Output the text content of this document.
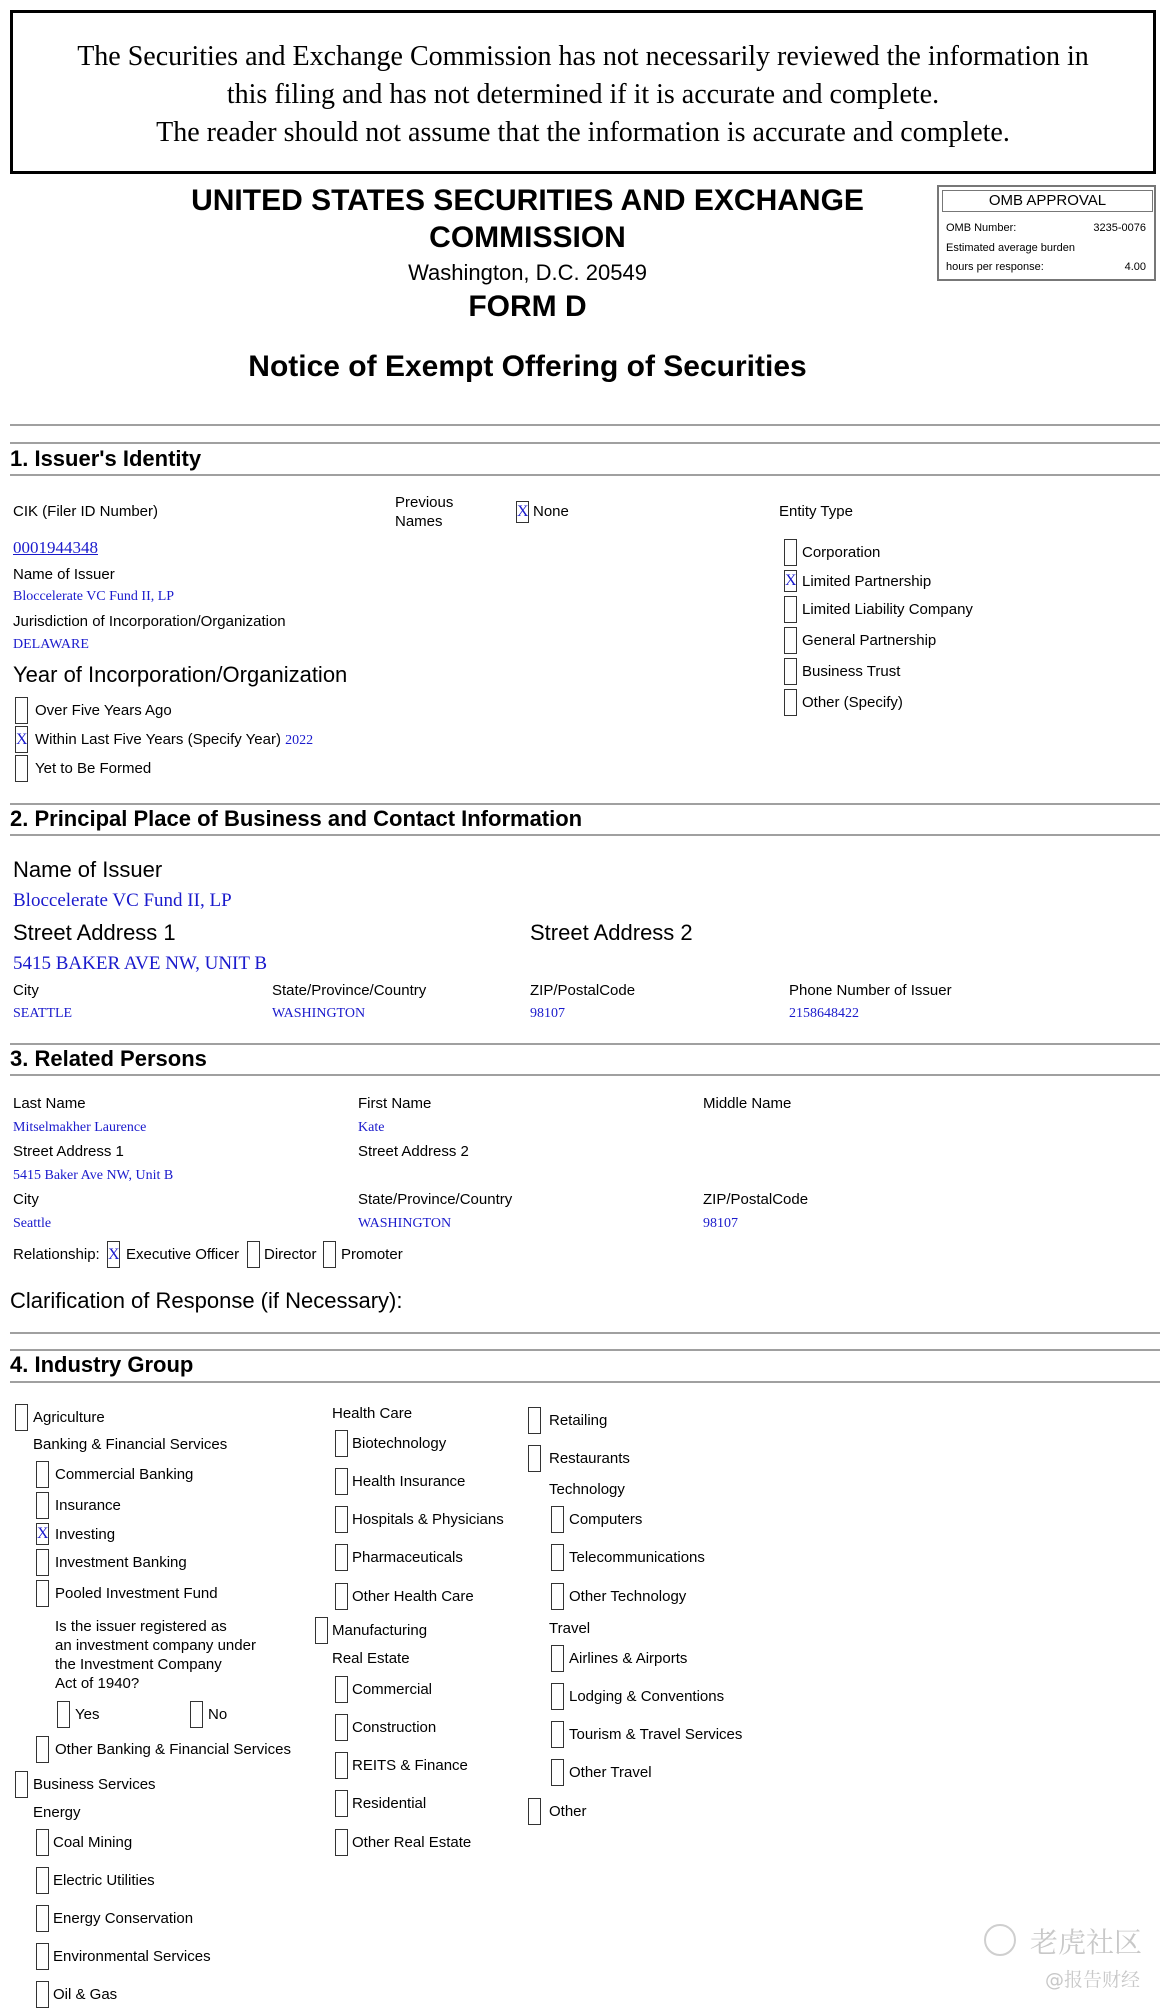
The Securities and Exchange Commission has not necessarily reviewed the information in
this filing and has not determined if it is accurate and complete.
The reader should not assume that the information is accurate and complete.
UNITED STATES SECURITIES AND EXCHANGE
COMMISSION
Washington, D.C. 20549
FORM D
Notice of Exempt Offering of Securities
OMB APPROVAL
OMB Number:	3235-0076
Estimated average burden
hours per response:	4.00
1. Issuer's Identity
CIK (Filer ID Number)
0001944348
Name of Issuer
Bloccelerate VC Fund II, LP
Jurisdiction of Incorporation/Organization
DELAWARE
Year of Incorporation/Organization
Over Five Years Ago
X Within Last Five Years (Specify Year) 2022
Yet to Be Formed
Previous
Names
X None	Entity Type
Corporation
X Limited Partnership
Limited Liability Company
General Partnership
Business Trust
Other (Specify)
2. Principal Place of Business and Contact Information
Name of Issuer
Bloccelerate VC Fund II, LP
Street Address 1	Street Address 2
5415 BAKER AVE NW, UNIT B
City	State/Province/Country	ZIP/PostalCode	Phone Number of Issuer
SEATTLE	WASHINGTON	98107	2158648422
3. Related Persons
Last Name	First Name	Middle Name
Mitselmakher Laurence	Kate
Street Address 1	Street Address 2
5415 Baker Ave NW, Unit B
City	State/Province/Country	ZIP/PostalCode
Seattle	WASHINGTON	98107
Relationship: X Executive Officer Director Promoter
Clarification of Response (if Necessary):
4. Industry Group
Agriculture
Banking & Financial Services
Commercial Banking
Insurance
X Investing
Investment Banking
Pooled Investment Fund
Is the issuer registered as
an investment company under
the Investment Company
Act of 1940?
Yes	No
Other Banking & Financial Services
Business Services
Energy
Coal Mining
Electric Utilities
Energy Conservation
Environmental Services
Oil & Gas
Health Care
Biotechnology
Health Insurance
Hospitals & Physicians
Pharmaceuticals
Other Health Care
Manufacturing
Real Estate
Commercial
Construction
REITS & Finance
Residential
Other Real Estate
Retailing
Restaurants
Technology
Computers
Telecommunications
Other Technology
Travel
Airlines & Airports
Lodging & Conventions
Tourism & Travel Services
Other Travel
Other
老虎社区
@报告财经
